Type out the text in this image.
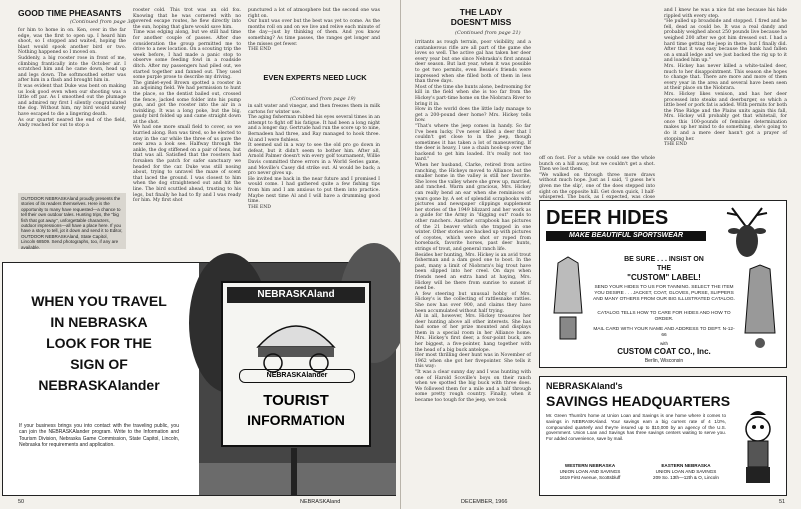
GOOD TIME PHEASANTS
(Continued from page 36)
for him to home in on. Ken, over in the far edge, was the first to open up. I heard him shoot, so I stopped and waited, hoping the blast would spook another bird or two. Nothing happened so I moved on.
Suddenly, a big rooster rose in front of me, climbing frantically into the October air. I scratched him and he came down, head up and legs down. The softmouthed setter was after him in a flash and brought him in.
It was evident that Duke was bent on making us look good even when our shooting was a little off par. As I smoothed out the plumage and admired my first I silently congratulated the dog. Without him, my bird would surely have escaped to die a lingering death.
As our quartet neared the end of the field, Andy reached for out to stop a
rooster cold. This trot was an old fox. Knowing that he was cornered with no covered escape routes, he flew directly into the sun, hoping that glare would save him.
Time was edging along, but we still had time for another couple of passes. After due consideration the group permitted me to drive to a new location. On a scouting trip the week before, I had made a panic stop to observe some feeding fowl in a roadside ditch. After my passengers had piled out, we started together and fanned out. They used some purple prose to describe my driving.
The gimlet-eyed Brown spotted a rooster in an adjoining field. We had permission to hunt the place, so the dentist bailed out, crossed the fence, jacked some folder into his pump gun, and got the rooster into the air in a twinkling. It was a long poke, but the big, gaudy bird folded up and came straight down at the shot.
We had one more small field to cover, so we hurried along. Ron was tired, so he elected to stay in the car while the three of us gave the new area a look see. Halfway through the ankle, the dog stiffened on a pair of hens, but that was all. Satisfied that the roosters had forsaken the patch for safer sanctuary we headed for the car. Duke was still nosing about, trying to unravel the maze of scent that laced the ground. I was closest to him when the dog straightened out and hit the line. The bird scuttled ahead, trusting to his legs, but finally he had to fly and I was ready for him. My first shot
punctured a lot of atmosphere but the second one was right on.
Our hunt was over but the best was yet to come. As the months roll on and on we live and relive each minute of the day—just by thinking of them. And you know something? As time passes, the ranges get longer and the misses get fewer.
THE END
EVEN EXPERTS NEED LUCK
(Continued from page 19)
in salt water and vinegar, and then freezes them in milk cartons for winter use.
The aging fisherman rubbed his eyes several times in an attempt to fight off his fatigue. It had been a long night and a longer day. Gertrude had run the score up to nine, Bernadeen had three, and Ray managed to hook three. Al and I were fishless.
It seemed sad in a way to see the old pro go down in defeat, but it didn't seem to bother him. After all, Arnold Palmer doesn't win every golf tournament, Willie Davis committed three errors in a World Series game, and Moville's Casey did strike out. Al would be back; a pro never gives up.
He invited me back in the near future and I promised I would come. I had gathered quite a few fishing tips from him and I am anxious to put them into practice. Maybe next time Al and I will have a drumming good time.
THE END
OUTDOOR NEBRASKAland proudly presents the stories of its readers themselves. Here is the opportunity to many have requested—a chance to tell their own outdoor tales. Hunting trips, the "big fish that got away", unforgettable characters, outdoor impressions—all have a place here. If you have a story to tell, jot it down and send it to Editor, OUTDOOR NEBRASKAland, State Capitol, Lincoln 68509. Send photographs, too, if any are available.
WHEN YOU TRAVEL
IN NEBRASKA
LOOK FOR THE
SIGN OF
NEBRASKAlander
If your business brings you into contact with the traveling public, you can join the NEBRASKAlander program. Write to the Information and Tourism Division, Nebraska Game Commission, State Capitol, Lincoln, Nebraska for requirements and application.
NEBRASKAland
NEBRASKAlander
TOURIST
INFORMATION
50	NEBRASKAland
THE LADY DOESN'T MISS
(Continued from page 21)
irritants as rough terrain, poor visibility, and a cantankerous rifle are all part of the game she loves so well. The active gal has taken her deer every year but one since Nebraska's first annual deer season. But last year, when it was possible to get two permits, even Bessie's friends were impressed when she filled both of them in less than three days.
Most of the time she hunts alone, bedrooming for kill in the field when she is too far from the Hickey's part-time home on the Niobrara River to bring it in.
How in the world does the little lady manage to get a 200-pound deer home? Mrs. Hickey tells how.
"That's where the jeep comes in handy. So far I've been lucky. I've never killed a deer that I couldn't get close to in the jeep, though sometimes it has taken a lot of maneuvering. If the deer is heavy, I use a chain hook-up over the backend to get him loaded. It's really not too hard."
When her husband, Clarke, retired from active ranching, the Hickeys moved to Alliance but the smaller home in the valley is still her favorite. She loves the valley where she grew up, married, and ranched. Warm and gracious, Mrs. Hickey can really bend an ear when she reminisces of years gone by. A set of splendid scrapbooks with pictures and newspaper clippings supplement her stories of the 1949 blizzard and her work as a guide for the Army in "digging out" roads to other ranchers. Another scrapbook has pictures of the 21 beaver which she trapped in one winter. Other stories are backed up with pictures of coyotes, which were shot or roped from horseback, favorite horses, past deer hunts, strings of trout, and general ranch life.
Besides her hunting, Mrs. Hickey is an avid trout fisherman and a dam good one to boot. In the past, many a limit of Niobrara's big trout have been slipped into her creel. On days when friends need an extra hand at haying, Mrs. Hickey will be there from sunrise to sunset if need be.
A few steering but unusual hobby of Mrs. Hickey's is the collecting of rattlesnake rattles. She now has over 900, and claims they have been accumulated without half trying.
All in all, however, Mrs. Hickey treasures her deer hunting above all other interests. She has had some of her prize mounted and displays them in a special room in her Alliance home. Mrs. Hickey's first deer, a four-point buck, are her biggest, a five-pointer, hang together with the head of a big buck antelope.
Her most thrilling deer hunt was in November of 1962 when she got her fivepointer. She tells it this way:
"It was a clear sunny day and I was hunting with one of Harold Scoville's boys on their ranch when we spotted the big buck with three does. We followed them for a mile and a half through some pretty rough country. Finally, when it became too tough for the jeep, we took
off on foot. For a while we could see the whole bunch on a hill away, but we couldn't get a shot. Then we lost them.
"We walked on through three more draws without much hope. Just as I said, 'I guess he's given me the slip', one of the does stepped into sight on the opposite hill. Get down quick, I half-whispered. The buck, as I expected, was close
and I knew he was a nice fat one because his hide rippled with every step.
"He pulled up broadside and stopped. I fired and he fell, dead as could be. It was a real dandy and probably weighed about 250 pounds live because he weighed 200 after we got him dressed out. I had a hard time getting the jeep in there, but I finally did. After that it was easy because the bank had fallen on a small ledge and we just backed the rig up to it and loaded him up."
Mrs. Hickey has never killed a white-tailed deer, much to her disappointment. This season she hopes to change that. There are more and more of them every year in the area and several have been seen at their place on the Niobrara.
Mrs. Hickey likes venison, and has her deer processed into steaks and deerburger, so which a little beef or pork fat is added. With permits for both the Pine Ridge and the Plains units again this fall, Mrs. Hickey will probably get that whitetail, for once this 100-pounds of feminine determination makes up her mind to do something, she's going to do it and a mere deer hasn't got a prayer of stopping her.
THE END
DEER HIDES
MAKE BEAUTIFUL SPORTSWEAR
BE SURE . . . INSIST ON
THE
"CUSTOM" LABEL!
SEND YOUR HIDES TO US FOR TANNING. SELECT THE ITEM YOU DESIRE . . . JACKET, COAT, GLOVES, PURSE, SLIPPERS AND MANY OTHERS FROM OUR BIG ILLUSTRATED CATALOG.
CATALOG TELLS HOW TO CARE FOR HIDES AND HOW TO ORDER.
MAIL CARD WITH YOUR NAME AND ADDRESS TO DEPT. N-12-66
with
CUSTOM COAT CO., Inc.
Berlin, Wisconsin
NEBRASKAland's
SAVINGS HEADQUARTERS
Mr. Green Thumb's home at Union Loan and Savings is one home where it comes to savings in NEBRASKAland. Your savings earn a big current rate of 4 1/2%, compounded quarterly and they're insured up to $10,000 by an agency of the U.S. government. Union Loan and Savings has three savings centers waiting to serve you. For added convenience, save by mail.
WESTERN NEBRASKA
UNION LOAN AND SAVINGS
1619 First Avenue, Scottsbluff
EASTERN NEBRASKA
UNION LOAN AND SAVINGS
209 So. 13th—12th & O, Lincoln
DECEMBER, 1966	51
